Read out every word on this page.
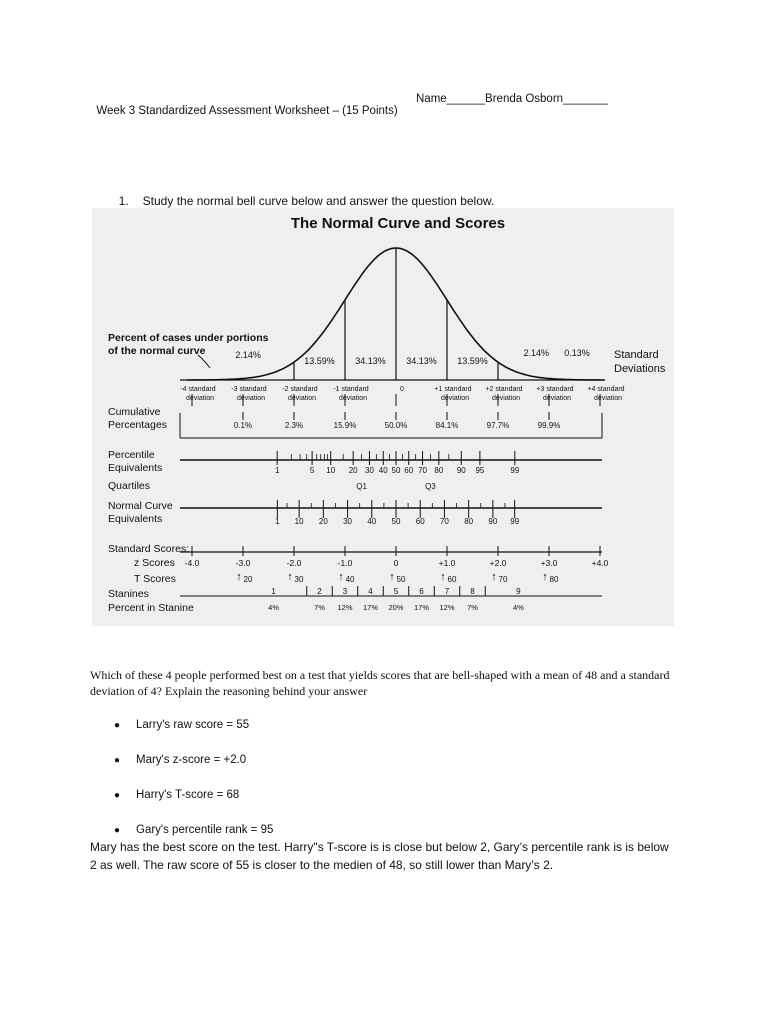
Week 3 Standardized Assessment Worksheet – (15 Points)

Name______Brenda Osborn_______

1. Study the normal bell curve below and answer the question below.

The Normal Curve and Scores
Percent of cases under portions
of the normal curve	Standard
Deviations
2.14%
13.59% 34.13% 34.13% 13.59%
2.14% 0.13%
-4 standard
deviation
-3 standard
deviation
-2 standard
deviation
-1 standard
deviation
0	+1 standard
deviation
+2 standard
deviation
+3 standard
deviation
+4 standard
deviation
Cumulative
Percentages
Percentile
Equivalents
Quartiles
Normal Curve
Equivalents
Standard Scores:
z Scores
T Scores
Stanines
Percent in Stanine
0.1%	2.3%	15.9%	50.0%	84.1%	97.7%	99.9%
1	5 10 20 30 40 50 60 70 80 90 95	99
Q1	Q3
1 10 20 30 40 50 60 70 80 90 99
-4.0	-3.0	-2.0	-1.0	0	+1.0	+2.0	+3.0	+4.0
↑ 20	↑ 30	↑ 40	↑ 50	↑ 60	↑ 70	↑ 80
1	2	3	4	5	6	7	8	9
4%	7% 12% 17% 20% 17% 12% 7%	4%
Which of these 4 people performed best on a test that yields scores that are bell-shaped with a mean of 48 and a standard deviation of 4? Explain the reasoning behind your answer
● Larry's raw score = 55
● Mary's z-score = +2.0
● Harry's T-score = 68
● Gary's percentile rank = 95
Mary has the best score on the test. Harry"s T-score is is close but below 2, Gary’s percentile rank is is below 2 as well. The raw score of 55 is closer to the medien of 48, so still lower than Mary’s 2.
